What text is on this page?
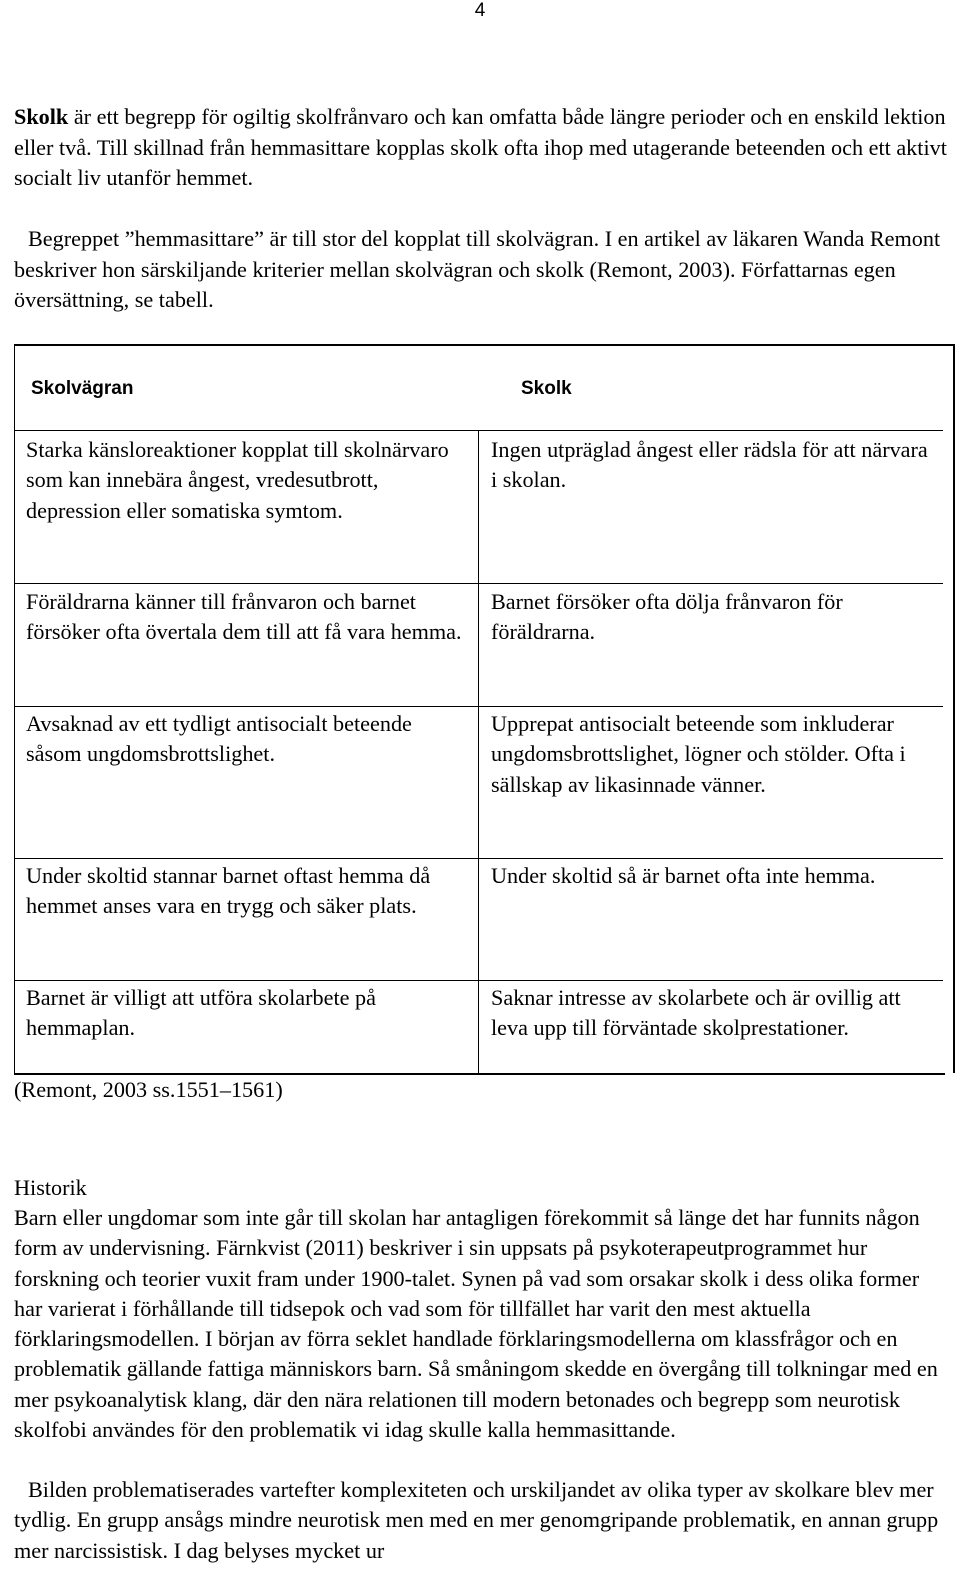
4

Skolk är ett begrepp för ogiltig skolfrånvaro och kan omfatta både längre perioder och en enskild lektion eller två. Till skillnad från hemmasittare kopplas skolk ofta ihop med utagerande beteenden och ett aktivt socialt liv utanför hemmet.

Begreppet ”hemmasittare” är till stor del kopplat till skolvägran. I en artikel av läkaren Wanda Remont beskriver hon särskiljande kriterier mellan skolvägran och skolk (Remont, 2003). Författarnas egen översättning, se tabell.

Skolvägran	Skolk

Starka känsloreaktioner kopplat till skolnärvaro som kan innebära ångest, vredesutbrott, depression eller somatiska symtom.

Ingen utpräglad ångest eller rädsla för att närvara i skolan.

Föräldrarna känner till frånvaron och barnet försöker ofta övertala dem till att få vara hemma.

Barnet försöker ofta dölja frånvaron för föräldrarna.

Avsaknad av ett tydligt antisocialt beteende såsom ungdomsbrottslighet.

Upprepat antisocialt beteende som inkluderar ungdomsbrottslighet, lögner och stölder. Ofta i sällskap av likasinnade vänner.

Under skoltid stannar barnet oftast hemma då hemmet anses vara en trygg och säker plats.

Under skoltid så är barnet ofta inte hemma.

Barnet är villigt att utföra skolarbete på hemmaplan.

Saknar intresse av skolarbete och är ovillig att leva upp till förväntade skolprestationer.

(Remont, 2003 ss.1551–1561)
Historik

Barn eller ungdomar som inte går till skolan har antagligen förekommit så länge det har funnits någon form av undervisning. Färnkvist (2011) beskriver i sin uppsats på psykoterapeutprogrammet hur forskning och teorier vuxit fram under 1900-talet. Synen på vad som orsakar skolk i dess olika former har varierat i förhållande till tidsepok och vad som för tillfället har varit den mest aktuella förklaringsmodellen. I början av förra seklet handlade förklaringsmodellerna om klassfrågor och en problematik gällande fattiga människors barn. Så småningom skedde en övergång till tolkningar med en mer psykoanalytisk klang, där den nära relationen till modern betonades och begrepp som neurotisk skolfobi användes för den problematik vi idag skulle kalla hemmasittande.

Bilden problematiserades vartefter komplexiteten och urskiljandet av olika typer av skolkare blev mer tydlig. En grupp ansågs mindre neurotisk men med en mer genomgripande problematik, en annan grupp mer narcissistisk. I dag belyses mycket ur
